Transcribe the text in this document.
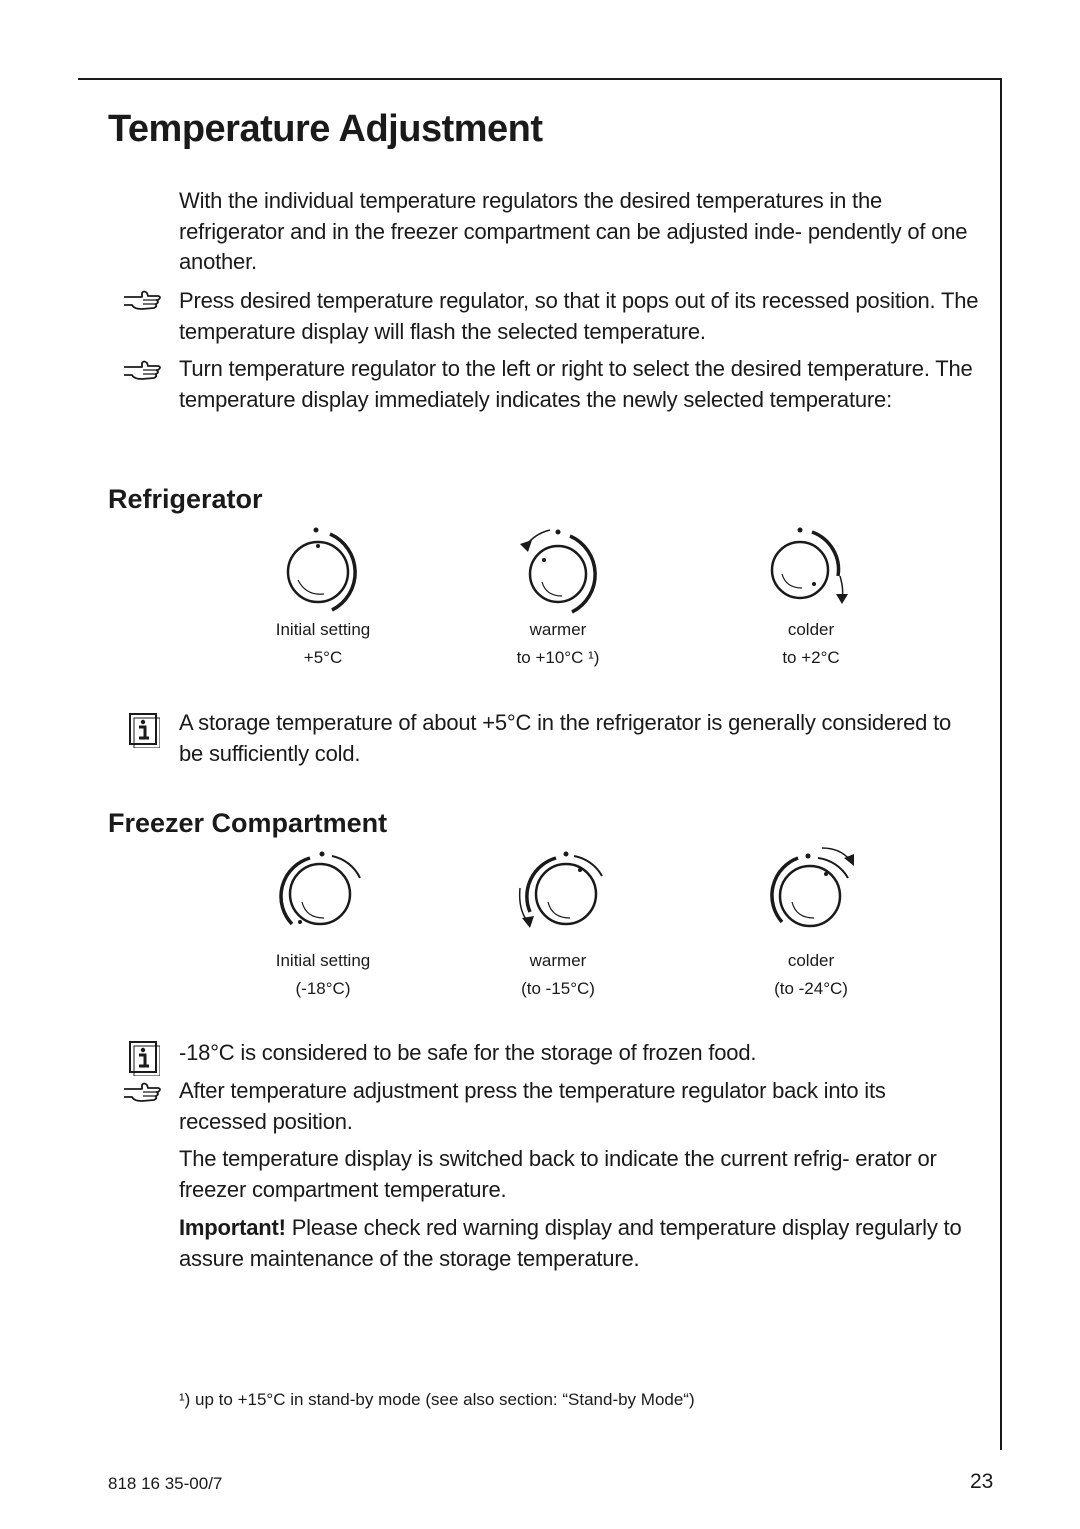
Temperature Adjustment

With the individual temperature regulators the desired temperatures in the refrigerator and in the freezer compartment can be adjusted inde- pendently of one another.

Press desired temperature regulator, so that it pops out of its recessed position. The temperature display will flash the selected temperature.

Turn temperature regulator to the left or right to select the desired temperature. The temperature display immediately indicates the newly selected temperature:

Refrigerator
Initial setting
+5°C
warmer
to +10°C ¹)
colder
to +2°C

A storage temperature of about +5°C in the refrigerator is generally considered to be sufficiently cold.

Freezer Compartment
Initial setting
(-18°C)
warmer
(to -15°C)
colder
(to -24°C)

-18°C is considered to be safe for the storage of frozen food.

After temperature adjustment press the temperature regulator back into its recessed position.

The temperature display is switched back to indicate the current refrig- erator or freezer compartment temperature.

Important! Please check red warning display and temperature display regularly to assure maintenance of the storage temperature.

¹) up to +15°C in stand-by mode (see also section: “Stand-by Mode“)
818 16 35-00/7	23
